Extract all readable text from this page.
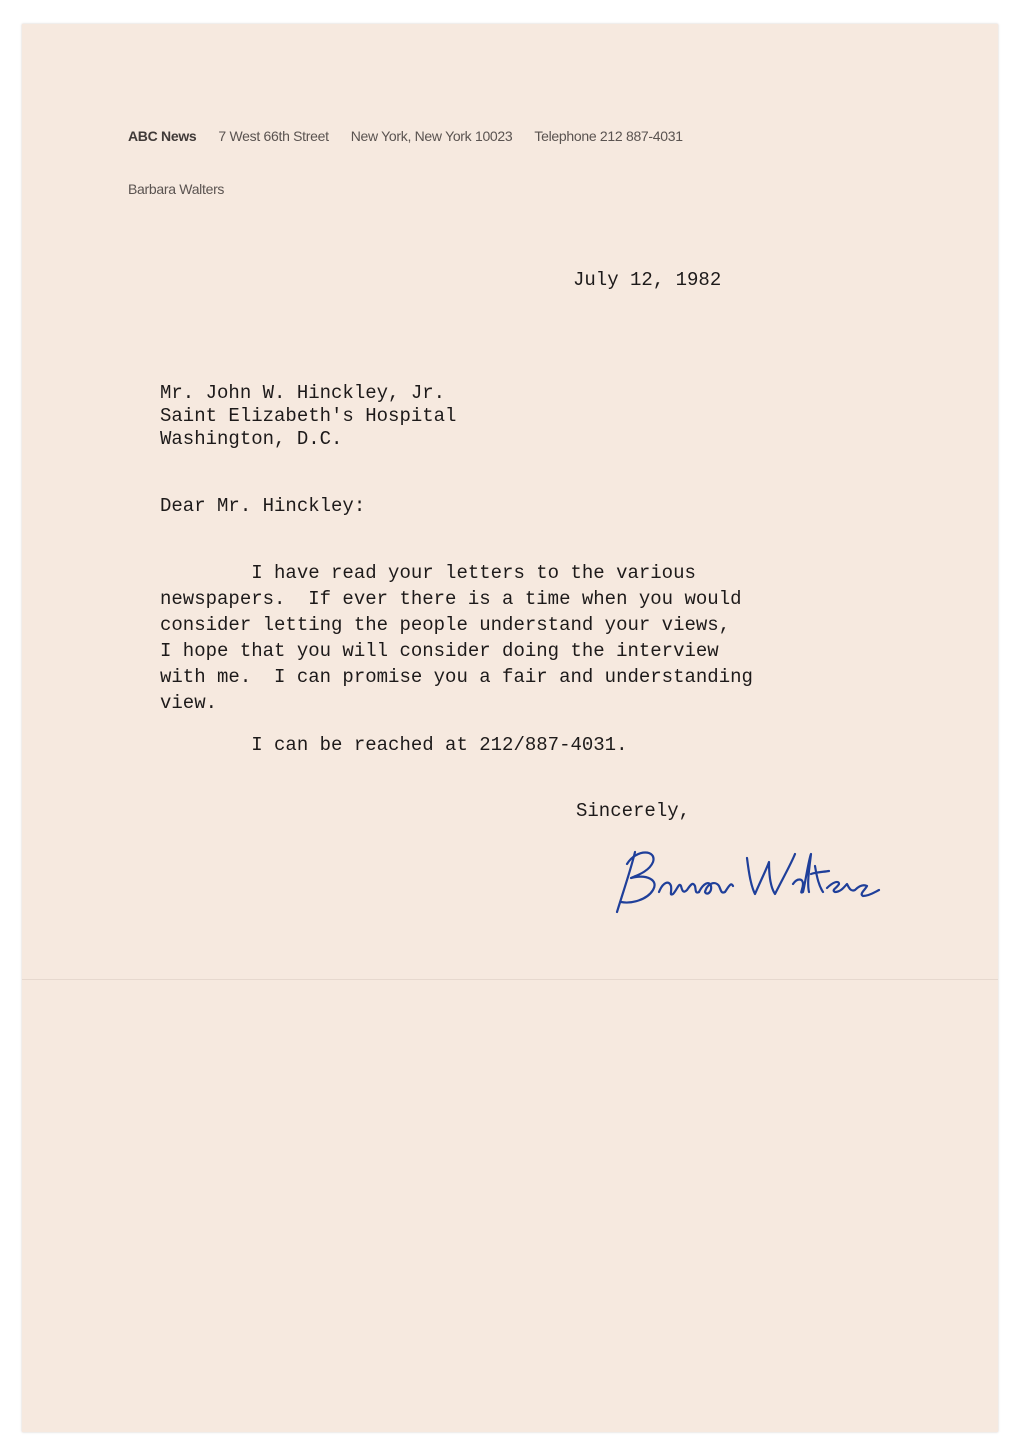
ABC News 7 West 66th Street New York, New York 10023 Telephone 212 887-4031
Barbara Walters
July 12, 1982
Mr. John W. Hinckley, Jr.
Saint Elizabeth's Hospital
Washington, D.C.
Dear Mr. Hinckley:
I have read your letters to the various
newspapers.  If ever there is a time when you would
consider letting the people understand your views,
I hope that you will consider doing the interview
with me.  I can promise you a fair and understanding
view.
I can be reached at 212/887-4031.
Sincerely,
